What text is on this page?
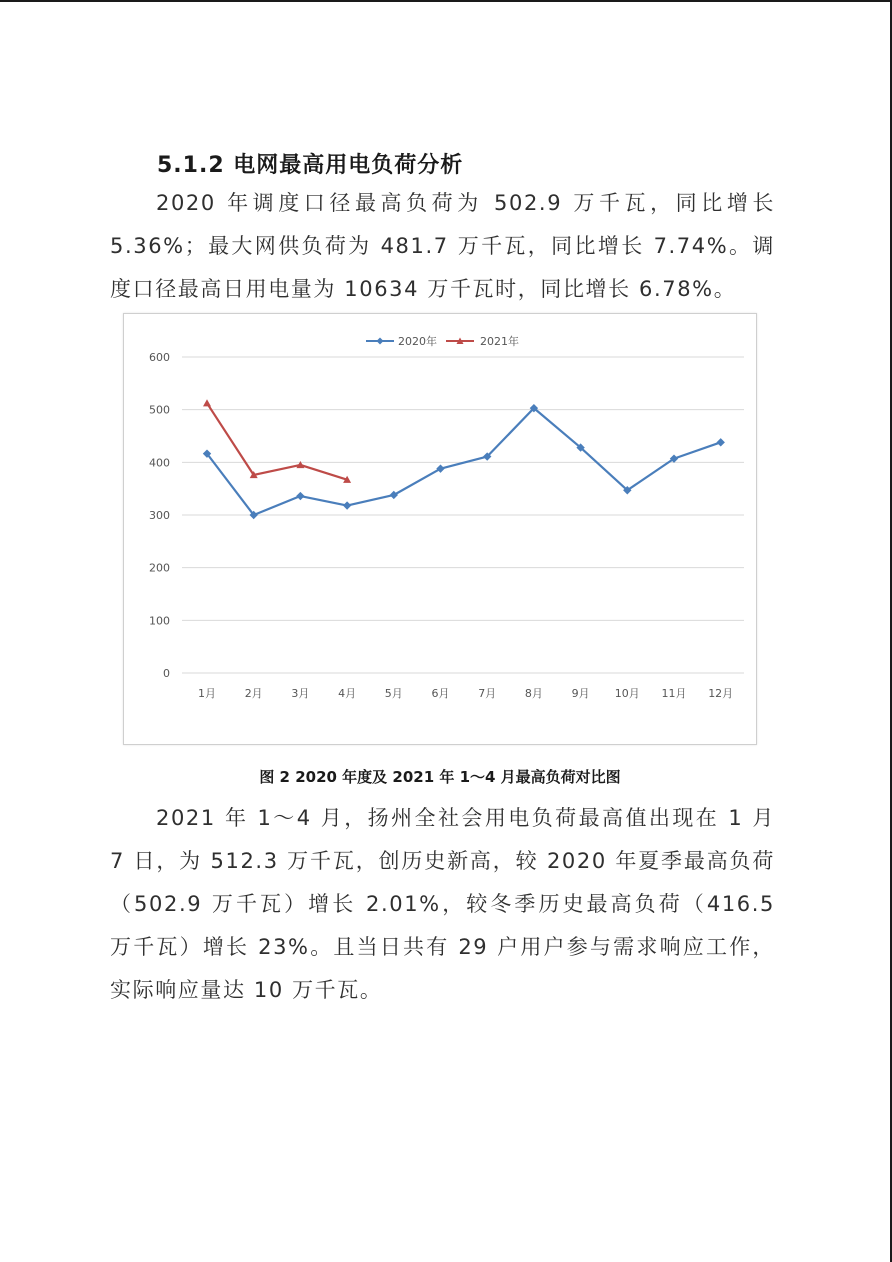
5.1.2 电网最高用电负荷分析

2020 年调度口径最高负荷为 502.9 万千瓦，同比增长 5.36%；最大网供负荷为 481.7 万千瓦，同比增长 7.74%。调度口径最高日用电量为 10634 万千瓦时，同比增长 6.78%。

0
100
200
300
400
500
600
1月	2月	3月	4月	5月	6月	7月	8月	9月 10月 11月 12月
2020年	2021年
图 2 2020 年度及 2021 年 1～4 月最高负荷对比图

2021 年 1～4 月，扬州全社会用电负荷最高值出现在 1 月 7 日，为 512.3 万千瓦，创历史新高，较 2020 年夏季最高负荷（502.9 万千瓦）增长 2.01%，较冬季历史最高负荷（416.5 万千瓦）增长 23%。且当日共有 29 户用户参与需求响应工作，实际响应量达 10 万千瓦。
